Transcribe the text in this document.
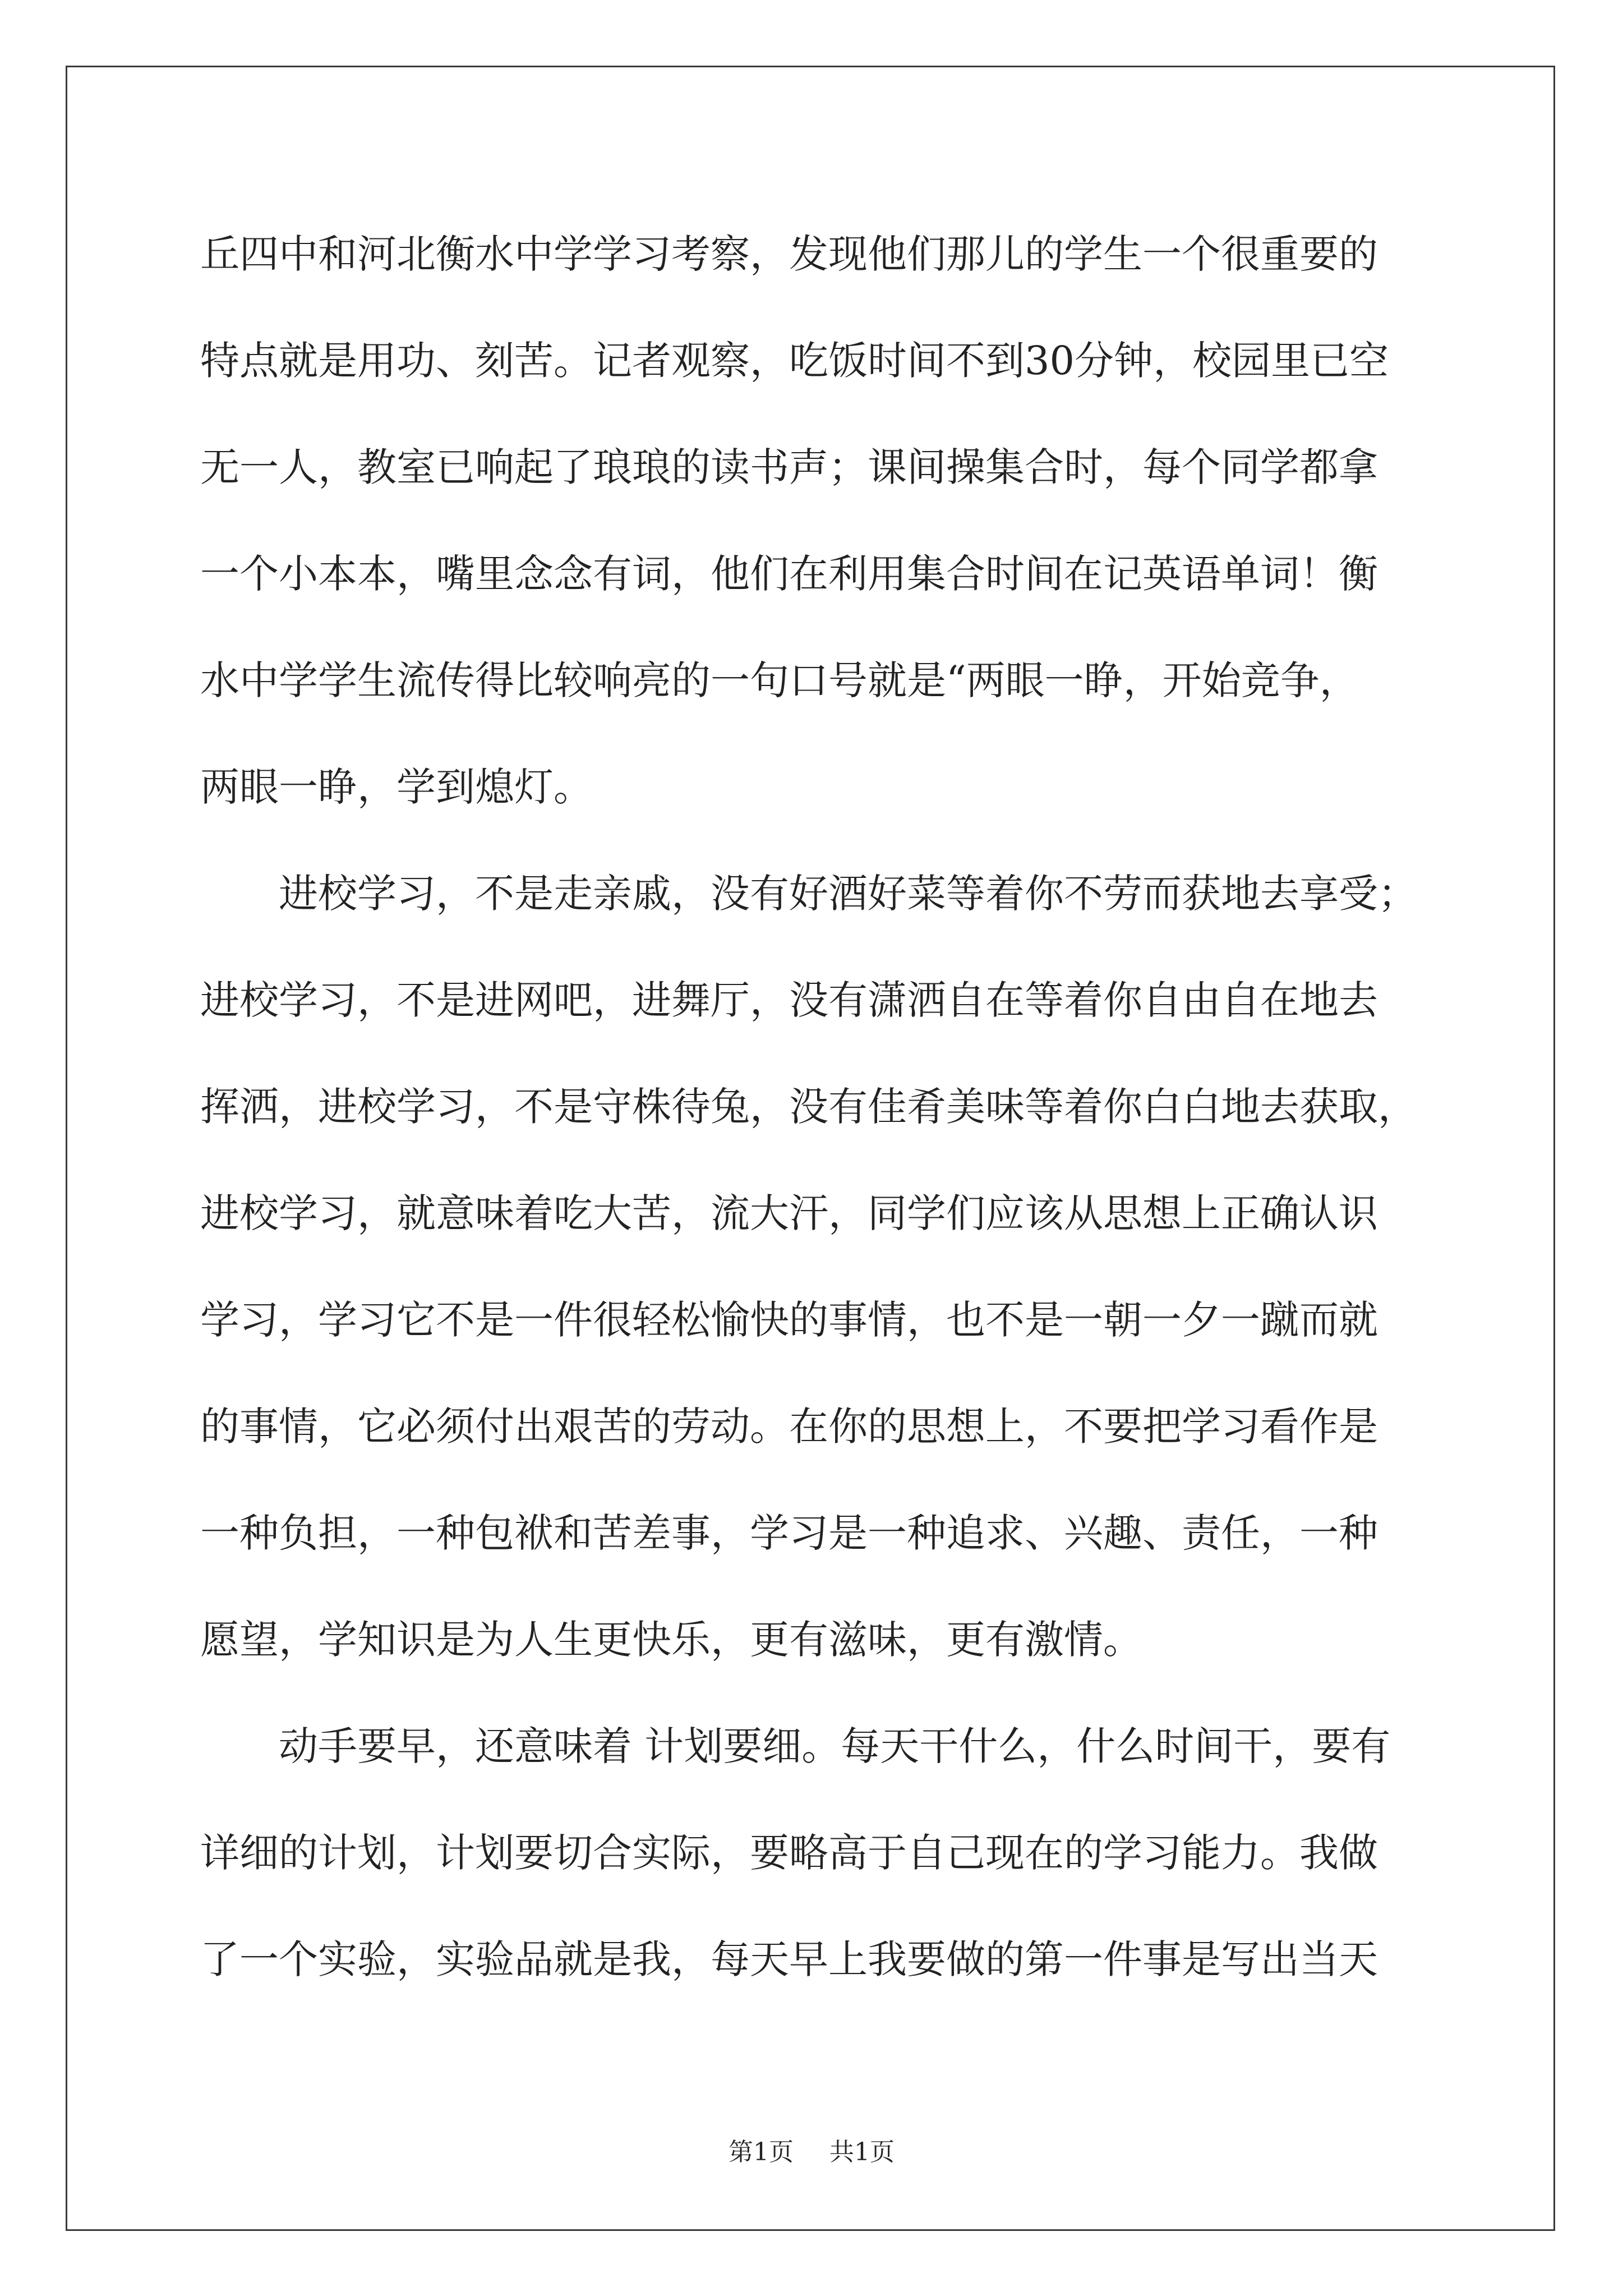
丘四中和河北衡水中学学习考察，发现他们那儿的学生一个很重要的
特点就是用功、刻苦。记者观察，吃饭时间不到30分钟，校园里已空
无一人，教室已响起了琅琅的读书声；课间操集合时，每个同学都拿
一个小本本，嘴里念念有词，他们在利用集合时间在记英语单词！衡
水中学学生流传得比较响亮的一句口号就是“两眼一睁，开始竞争，
两眼一睁，学到熄灯。
进校学习，不是走亲戚，没有好酒好菜等着你不劳而获地去享受；
进校学习，不是进网吧，进舞厅，没有潇洒自在等着你自由自在地去
挥洒，进校学习，不是守株待兔，没有佳肴美味等着你白白地去获取，
进校学习，就意味着吃大苦，流大汗，同学们应该从思想上正确认识
学习，学习它不是一件很轻松愉快的事情，也不是一朝一夕一蹴而就
的事情，它必须付出艰苦的劳动。在你的思想上，不要把学习看作是
一种负担，一种包袱和苦差事，学习是一种追求、兴趣、责任，一种
愿望，学知识是为人生更快乐，更有滋味，更有激情。
动手要早，还意味着 计划要细。每天干什么，什么时间干，要有
详细的计划，计划要切合实际，要略高于自己现在的学习能力。我做
了一个实验，实验品就是我，每天早上我要做的第一件事是写出当天
第1页 共1页
